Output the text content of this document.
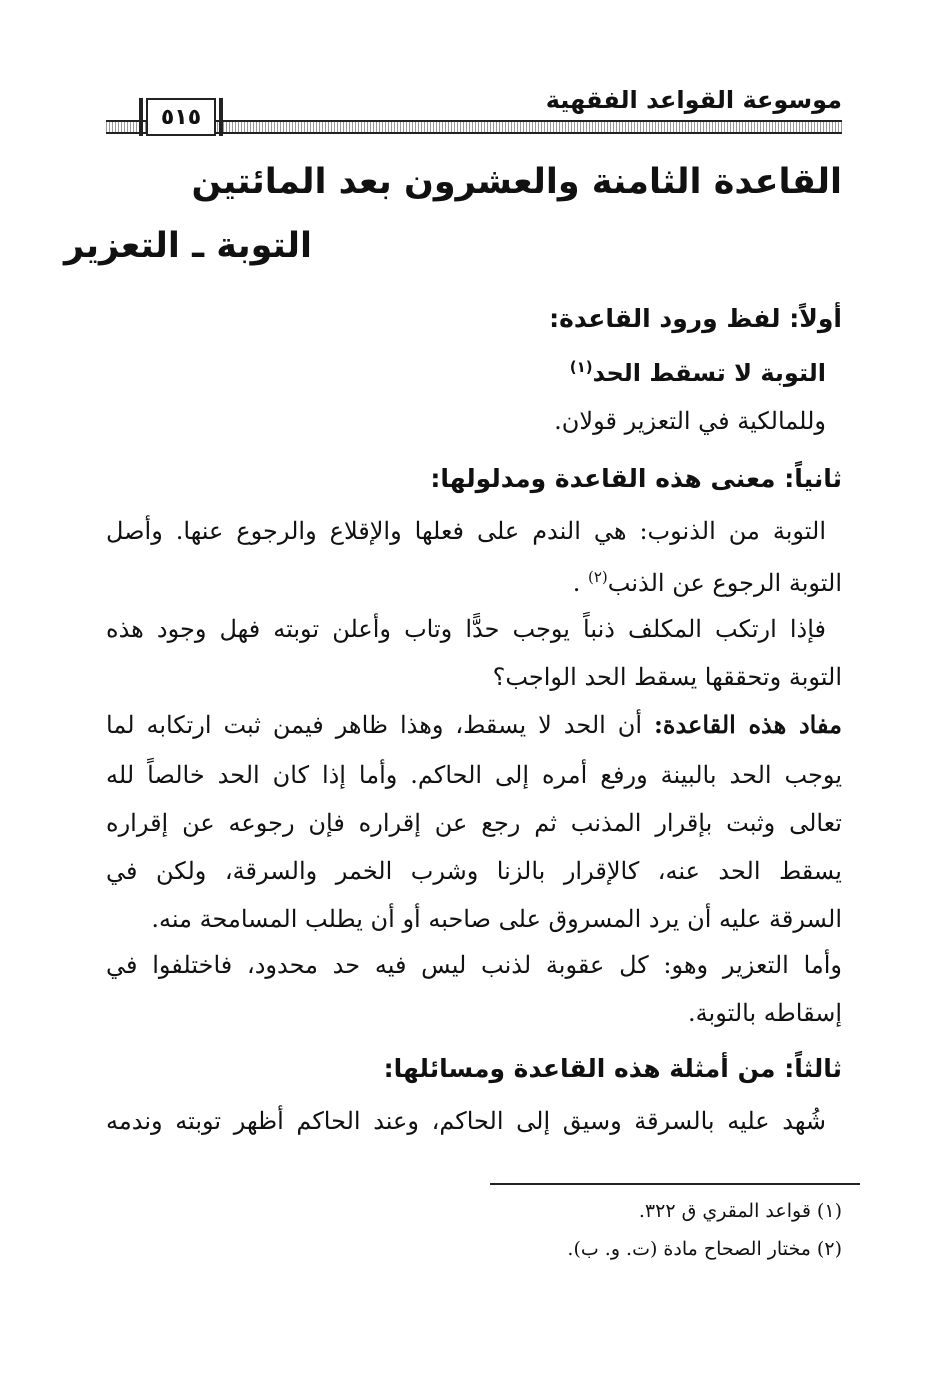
موسوعة القواعد الفقهية
٥١٥
القاعدة الثامنة والعشرون بعد المائتين
التوبة ـ التعزير
أولاً: لفظ ورود القاعدة:
التوبة لا تسقط الحد$^{(١)}$
وللمالكية في التعزير قولان.
ثانياً: معنى هذه القاعدة ومدلولها:
التوبة من الذنوب: هي الندم على فعلها والإقلاع والرجوع عنها. وأصل
التوبة الرجوع عن الذنب$^{(٢)}$ .
فإذا ارتكب المكلف ذنباً يوجب حدًّا وتاب وأعلن توبته فهل وجود هذه
التوبة وتحققها يسقط الحد الواجب؟
مفاد هذه القاعدة: أن الحد لا يسقط، وهذا ظاهر فيمن ثبت ارتكابه لما
يوجب الحد بالبينة ورفع أمره إلى الحاكم. وأما إذا كان الحد خالصاً لله
تعالى وثبت بإقرار المذنب ثم رجع عن إقراره فإن رجوعه عن إقراره
يسقط الحد عنه، كالإقرار بالزنا وشرب الخمر والسرقة، ولكن في
السرقة عليه أن يرد المسروق على صاحبه أو أن يطلب المسامحة منه.
وأما التعزير وهو: كل عقوبة لذنب ليس فيه حد محدود، فاختلفوا في
إسقاطه بالتوبة.
ثالثاً: من أمثلة هذه القاعدة ومسائلها:
شُهد عليه بالسرقة وسيق إلى الحاكم، وعند الحاكم أظهر توبته وندمه
(١) قواعد المقري ق ٣٢٢.
(٢) مختار الصحاح مادة (ت. و. ب).
